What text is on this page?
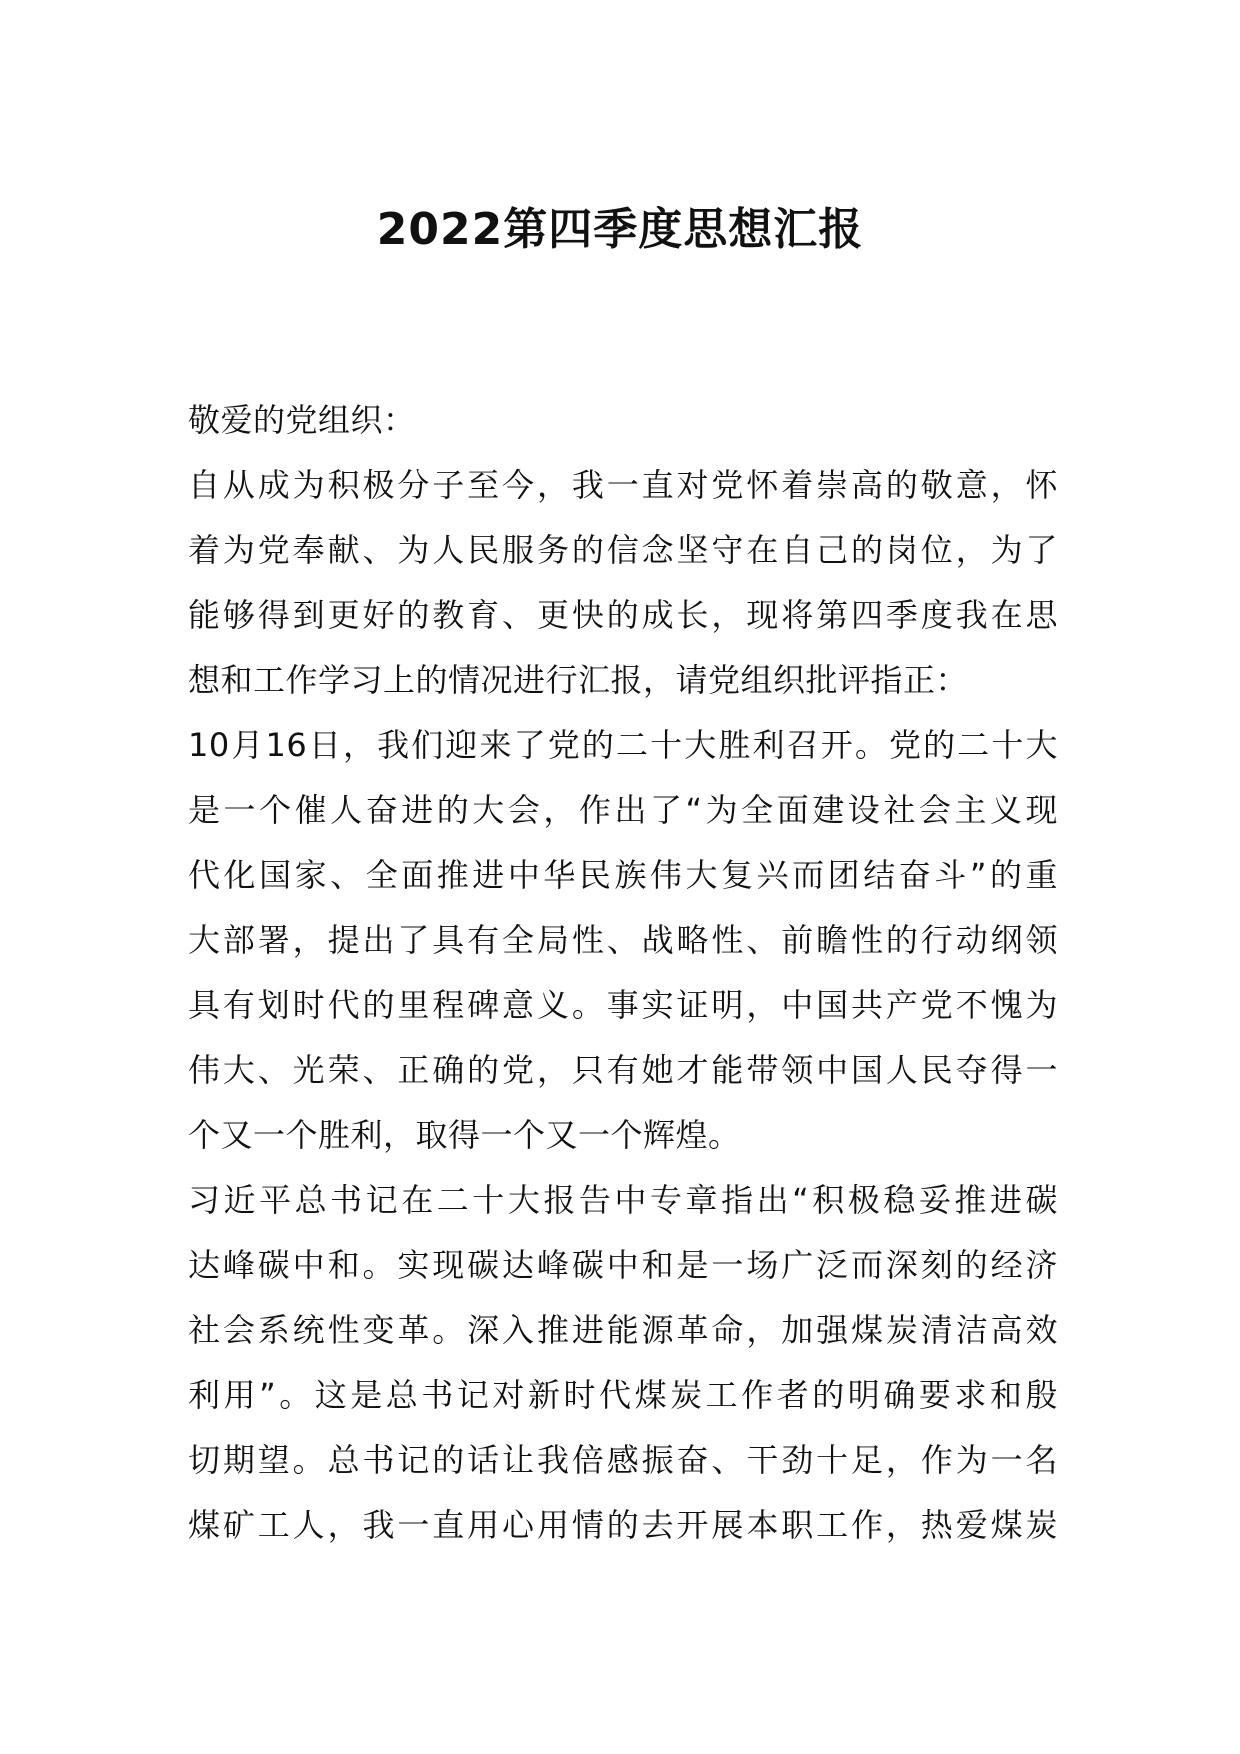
2022第四季度思想汇报
敬爱的党组织：
自从成为积极分子至今，我一直对党怀着崇高的敬意，怀
着为党奉献、为人民服务的信念坚守在自己的岗位，为了
能够得到更好的教育、更快的成长，现将第四季度我在思
想和工作学习上的情况进行汇报，请党组织批评指正：
10月16日，我们迎来了党的二十大胜利召开。党的二十大
是一个催人奋进的大会，作出了“为全面建设社会主义现
代化国家、全面推进中华民族伟大复兴而团结奋斗”的重
大部署，提出了具有全局性、战略性、前瞻性的行动纲领
具有划时代的里程碑意义。事实证明，中国共产党不愧为
伟大、光荣、正确的党，只有她才能带领中国人民夺得一
个又一个胜利，取得一个又一个辉煌。
习近平总书记在二十大报告中专章指出“积极稳妥推进碳
达峰碳中和。实现碳达峰碳中和是一场广泛而深刻的经济
社会系统性变革。深入推进能源革命，加强煤炭清洁高效
利用”。这是总书记对新时代煤炭工作者的明确要求和殷
切期望。总书记的话让我倍感振奋、干劲十足，作为一名
煤矿工人，我一直用心用情的去开展本职工作，热爱煤炭
